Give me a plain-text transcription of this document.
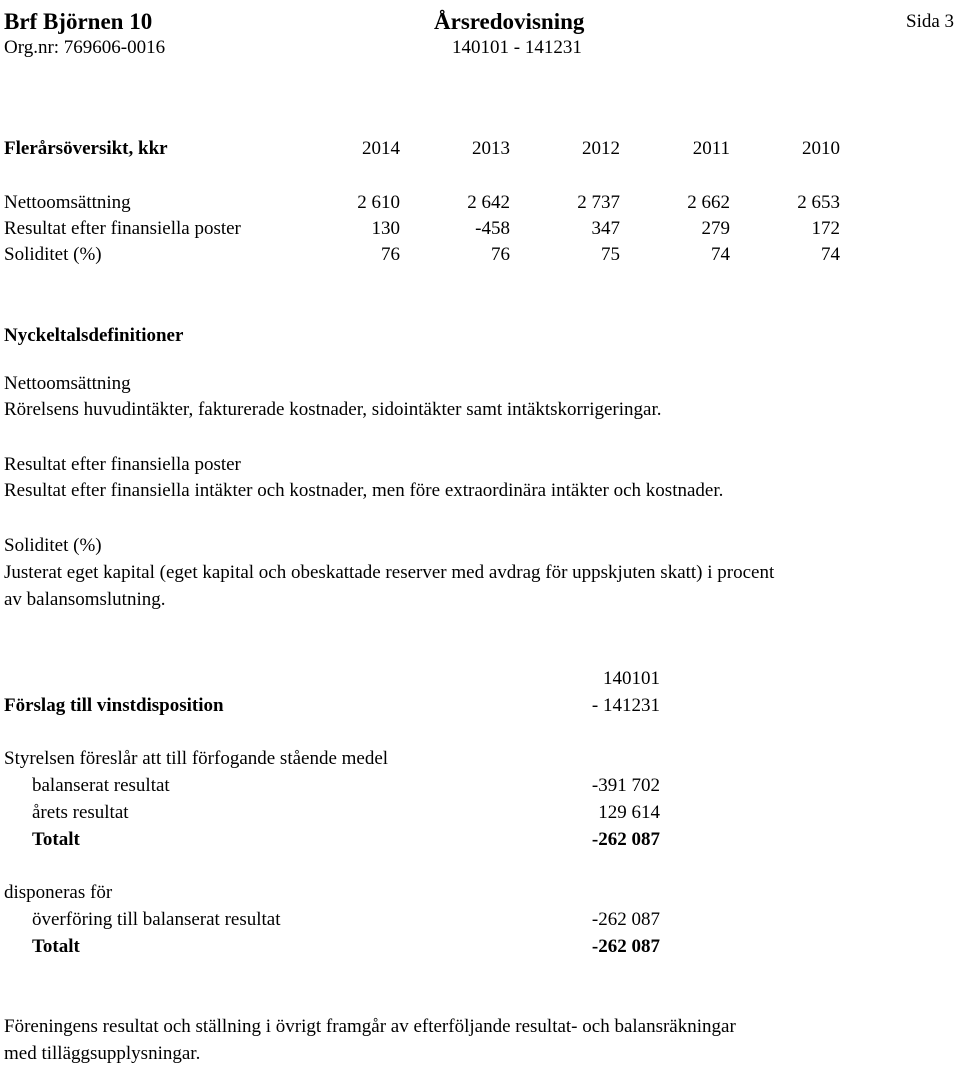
Brf Björnen 10	Årsredovisning	Sida 3
Org.nr: 769606-0016	140101 - 141231
Flerårsöversikt, kkr	2014	2013	2012	2011	2010
Nettoomsättning	2 610	2 642	2 737	2 662	2 653
Resultat efter finansiella poster	130	-458	347	279	172
Soliditet (%)	76	76	75	74	74
Nyckeltalsdefinitioner
Nettoomsättning
Rörelsens huvudintäkter, fakturerade kostnader, sidointäkter samt intäktskorrigeringar.
Resultat efter finansiella poster
Resultat efter finansiella intäkter och kostnader, men före extraordinära intäkter och kostnader.
Soliditet (%)
Justerat eget kapital (eget kapital och obeskattade reserver med avdrag för uppskjuten skatt) i procent
av balansomslutning.
140101
Förslag till vinstdisposition	- 141231
Styrelsen föreslår att till förfogande stående medel
balanserat resultat	-391 702
årets resultat	129 614
Totalt	-262 087
disponeras för
överföring till balanserat resultat	-262 087
Totalt	-262 087
Föreningens resultat och ställning i övrigt framgår av efterföljande resultat- och balansräkningar
med tilläggsupplysningar.
